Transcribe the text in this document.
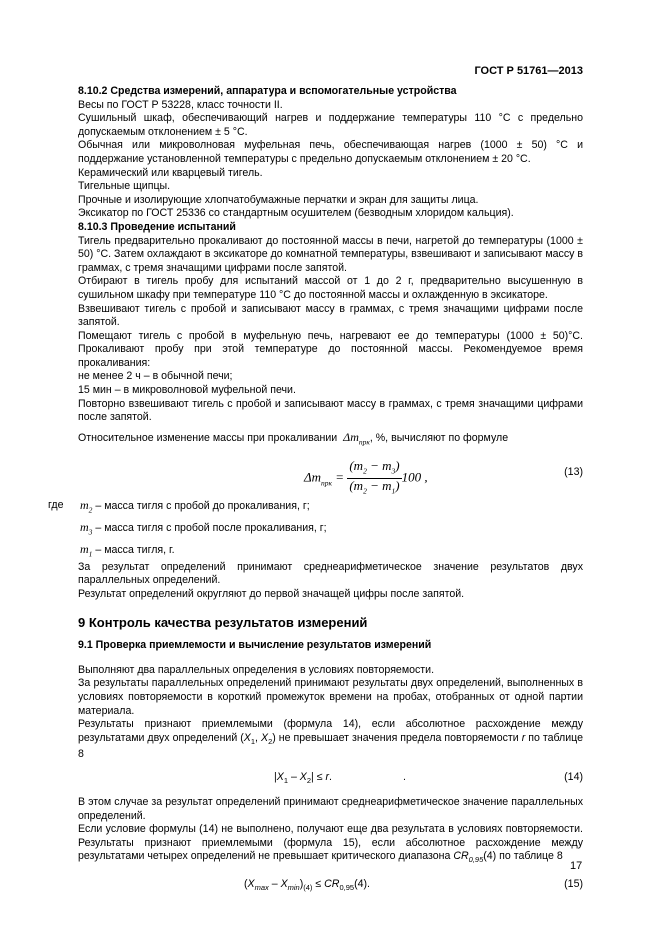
ГОСТ Р 51761—2013

8.10.2 Средства измерений, аппаратура и вспомогательные устройства

Весы по ГОСТ Р 53228, класс точности II.

Сушильный шкаф, обеспечивающий нагрев и поддержание температуры 110 °С с предельно допускаемым отклонением ± 5 °С.

Обычная или микроволновая муфельная печь, обеспечивающая нагрев (1000 ± 50) °С и поддержание установленной температуры с предельно допускаемым отклонением ± 20 °С.

Керамический или кварцевый тигель.

Тигельные щипцы.

Прочные и изолирующие хлопчатобумажные перчатки и экран для защиты лица.

Эксикатор по ГОСТ 25336 со стандартным осушителем (безводным хлоридом кальция).

8.10.3 Проведение испытаний

Тигель предварительно прокаливают до постоянной массы в печи, нагретой до температуры (1000 ± 50) °С. Затем охлаждают в эксикаторе до комнатной температуры, взвешивают и записывают массу в граммах, с тремя значащими цифрами после запятой.

Отбирают в тигель пробу для испытаний массой от 1 до 2 г, предварительно высушенную в сушильном шкафу при температуре 110 °С до постоянной массы и охлажденную в эксикаторе.

Взвешивают тигель с пробой и записывают массу в граммах, с тремя значащими цифрами после запятой.

Помещают тигель с пробой в муфельную печь, нагревают ее до температуры (1000 ± 50)°С. Прокаливают пробу при этой температуре до постоянной массы. Рекомендуемое время прокаливания:

не менее 2 ч – в обычной печи;

15 мин – в микроволновой муфельной печи.

Повторно взвешивают тигель с пробой и записывают массу в граммах, с тремя значащими цифрами после запятой.

Относительное изменение массы при прокаливании  $\Delta m_{прк}$, %, вычисляют по формуле

$\Delta m_{прк} = \frac{(m_2 - m_3)}{(m_2 - m_1)} 100$ ,	(13)
где $m_2$ – масса тигля с пробой до прокаливания, г;
$m_3$ – масса тигля с пробой после прокаливания, г;
$m_1$ – масса тигля, г.

За результат определений принимают среднеарифметическое значение результатов двух параллельных определений.

Результат определений округляют до первой значащей цифры после запятой.

9 Контроль качества результатов измерений

9.1 Проверка приемлемости и вычисление результатов измерений

Выполняют два параллельных определения в условиях повторяемости.

За результаты параллельных определений принимают результаты двух определений, выполненных в условиях повторяемости в короткий промежуток времени на пробах, отобранных от одной партии материала.

Результаты признают приемлемыми (формула 14), если абсолютное расхождение между результатами двух определений ($X_1$, $X_2$) не превышает значения предела повторяемости r по таблице 8

$|X_1 - X_2| \le r$.	.	(14)

В этом случае за результат определений принимают среднеарифметическое значение параллельных определений.

Если условие формулы (14) не выполнено, получают еще два результата в условиях повторяемости. Результаты признают приемлемыми (формула 15), если абсолютное расхождение между результатами четырех определений не превышает критического диапазона $CR_{0,95}(4)$ по таблице 8

$(X_{max} - X_{min})_{(4)} \le CR_{0,95}(4)$.	(15)
17
